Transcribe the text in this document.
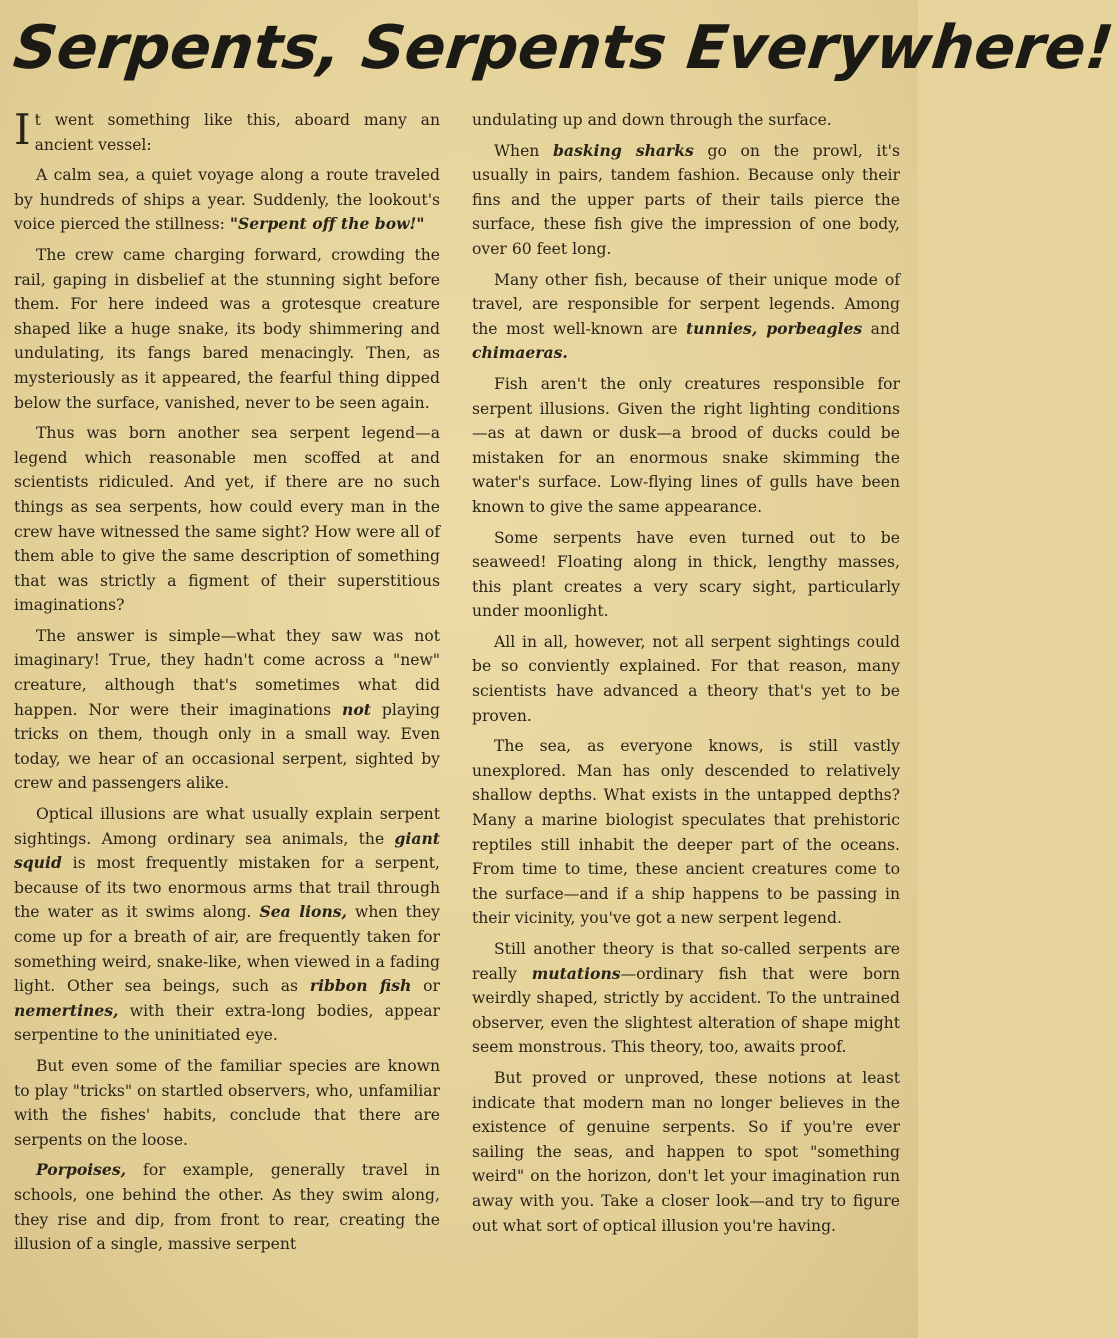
Serpents, Serpents Everywhere!

It went something like this, aboard many an ancient vessel:

A calm sea, a quiet voyage along a route traveled by hundreds of ships a year. Suddenly, the lookout's voice pierced the stillness: "Serpent off the bow!"

The crew came charging forward, crowding the rail, gaping in disbelief at the stunning sight before them. For here indeed was a grotesque creature shaped like a huge snake, its body shimmering and undulating, its fangs bared menacingly. Then, as mysteriously as it appeared, the fearful thing dipped below the surface, vanished, never to be seen again.

Thus was born another sea serpent legend—a legend which reasonable men scoffed at and scientists ridiculed. And yet, if there are no such things as sea serpents, how could every man in the crew have witnessed the same sight? How were all of them able to give the same description of something that was strictly a figment of their superstitious imaginations?

The answer is simple—what they saw was not imaginary! True, they hadn't come across a "new" creature, although that's sometimes what did happen. Nor were their imaginations not playing tricks on them, though only in a small way. Even today, we hear of an occasional serpent, sighted by crew and passengers alike.

Optical illusions are what usually explain serpent sightings. Among ordinary sea animals, the giant squid is most frequently mistaken for a serpent, because of its two enormous arms that trail through the water as it swims along. Sea lions, when they come up for a breath of air, are frequently taken for something weird, snake-like, when viewed in a fading light. Other sea beings, such as ribbon fish or nemertines, with their extra-long bodies, appear serpentine to the uninitiated eye.

But even some of the familiar species are known to play "tricks" on startled observers, who, unfamiliar with the fishes' habits, conclude that there are serpents on the loose.

Porpoises, for example, generally travel in schools, one behind the other. As they swim along, they rise and dip, from front to rear, creating the illusion of a single, massive serpent

undulating up and down through the surface.

When basking sharks go on the prowl, it's usually in pairs, tandem fashion. Because only their fins and the upper parts of their tails pierce the surface, these fish give the impression of one body, over 60 feet long.

Many other fish, because of their unique mode of travel, are responsible for serpent legends. Among the most well-known are tunnies, porbeagles and chimaeras.

Fish aren't the only creatures responsible for serpent illusions. Given the right lighting conditions—as at dawn or dusk—a brood of ducks could be mistaken for an enormous snake skimming the water's surface. Low-flying lines of gulls have been known to give the same appearance.

Some serpents have even turned out to be seaweed! Floating along in thick, lengthy masses, this plant creates a very scary sight, particularly under moonlight.

All in all, however, not all serpent sightings could be so conviently explained. For that reason, many scientists have advanced a theory that's yet to be proven.

The sea, as everyone knows, is still vastly unexplored. Man has only descended to relatively shallow depths. What exists in the untapped depths? Many a marine biologist speculates that prehistoric reptiles still inhabit the deeper part of the oceans. From time to time, these ancient creatures come to the surface—and if a ship happens to be passing in their vicinity, you've got a new serpent legend.

Still another theory is that so-called serpents are really mutations—ordinary fish that were born weirdly shaped, strictly by accident. To the untrained observer, even the slightest alteration of shape might seem monstrous. This theory, too, awaits proof.

But proved or unproved, these notions at least indicate that modern man no longer believes in the existence of genuine serpents. So if you're ever sailing the seas, and happen to spot "something weird" on the horizon, don't let your imagination run away with you. Take a closer look—and try to figure out what sort of optical illusion you're having.
